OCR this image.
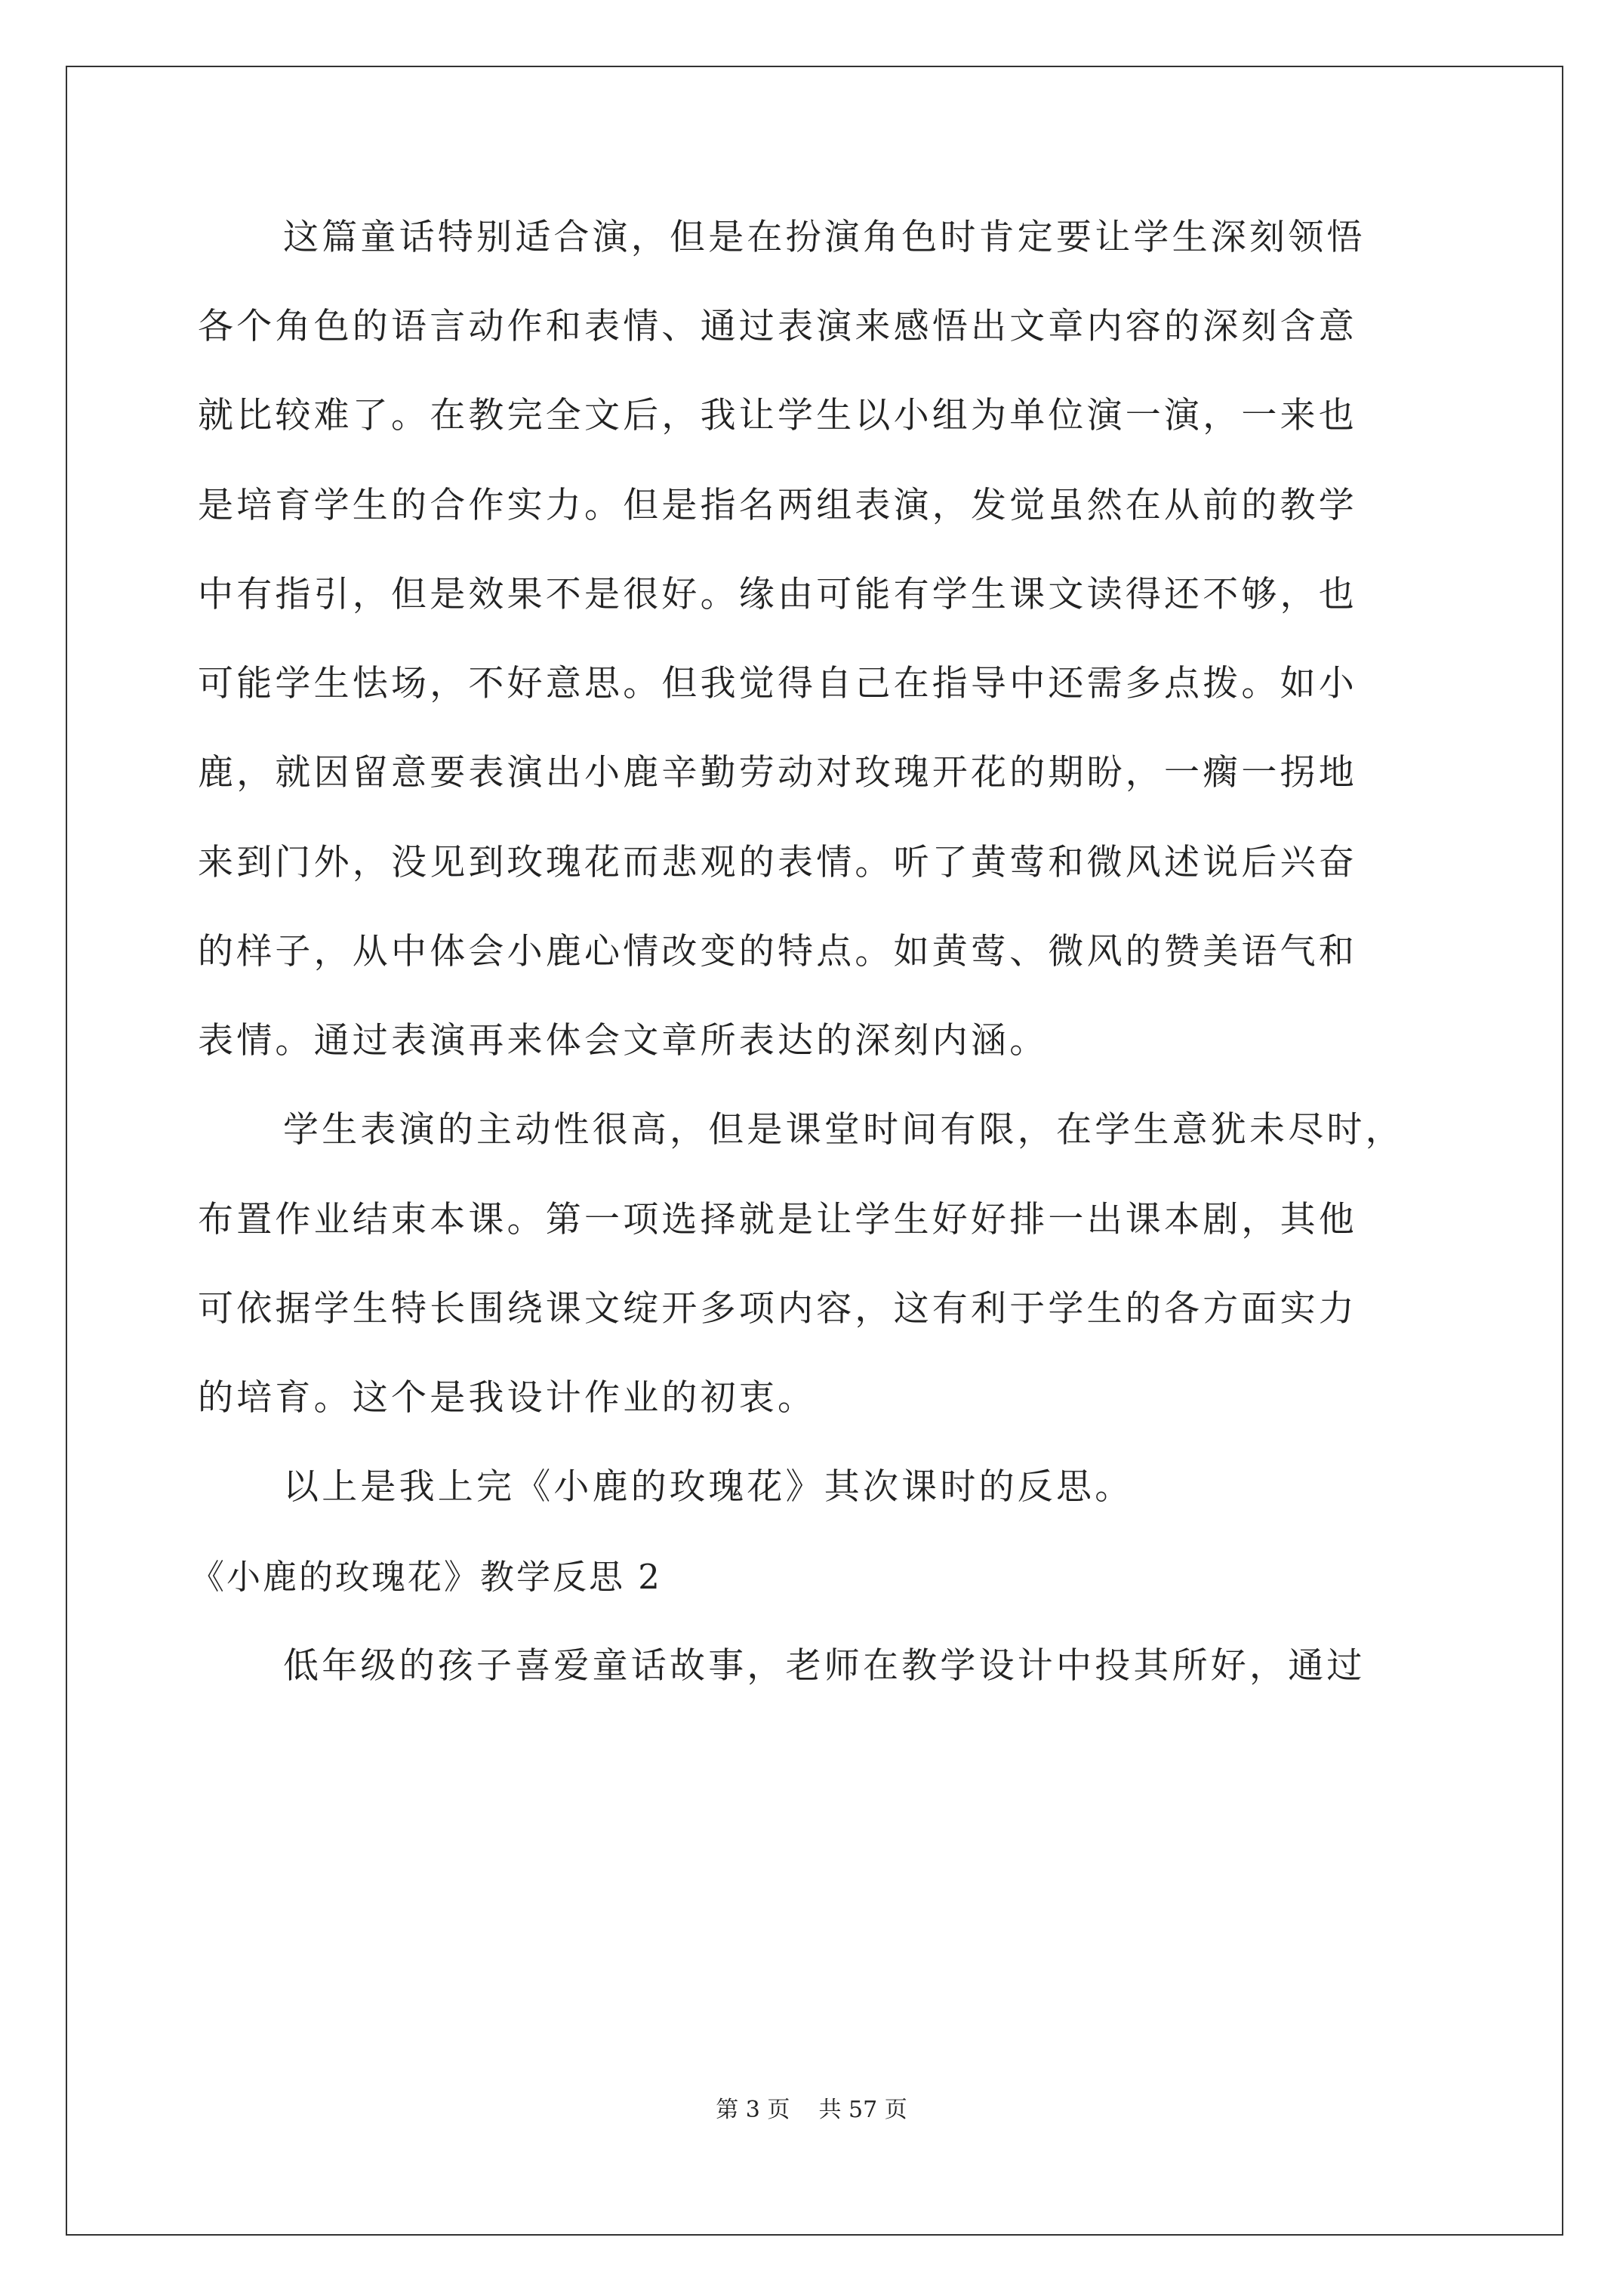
这篇童话特别适合演，但是在扮演角色时肯定要让学生深刻领悟
各个角色的语言动作和表情、通过表演来感悟出文章内容的深刻含意
就比较难了。在教完全文后，我让学生以小组为单位演一演，一来也
是培育学生的合作实力。但是指名两组表演，发觉虽然在从前的教学
中有指引，但是效果不是很好。缘由可能有学生课文读得还不够，也
可能学生怯场，不好意思。但我觉得自己在指导中还需多点拨。如小
鹿，就因留意要表演出小鹿辛勤劳动对玫瑰开花的期盼，一瘸一拐地
来到门外，没见到玫瑰花而悲观的表情。听了黄莺和微风述说后兴奋
的样子，从中体会小鹿心情改变的特点。如黄莺、微风的赞美语气和
表情。通过表演再来体会文章所表达的深刻内涵。
学生表演的主动性很高，但是课堂时间有限，在学生意犹未尽时，
布置作业结束本课。第一项选择就是让学生好好排一出课本剧，其他
可依据学生特长围绕课文绽开多项内容，这有利于学生的各方面实力
的培育。这个是我设计作业的初衷。
以上是我上完《小鹿的玫瑰花》其次课时的反思。
《小鹿的玫瑰花》教学反思 2
低年级的孩子喜爱童话故事，老师在教学设计中投其所好，通过
第 3 页    共 57 页
